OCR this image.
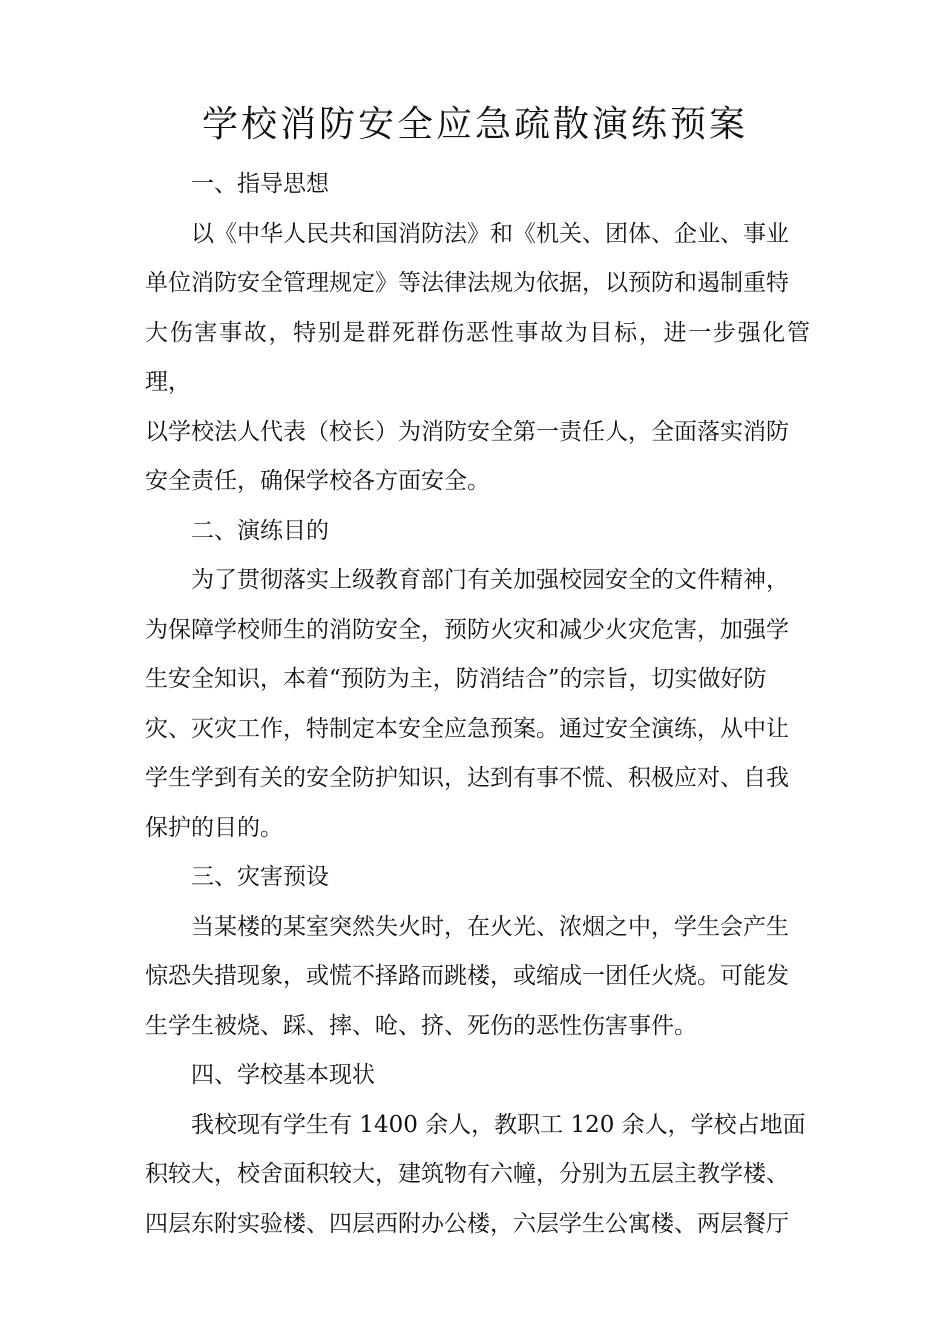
学校消防安全应急疏散演练预案

一、指导思想

以《中华人民共和国消防法》和《机关、团体、企业、事业
单位消防安全管理规定》等法律法规为依据，以预防和遏制重特
大伤害事故，特别是群死群伤恶性事故为目标，进一步强化管理，
以学校法人代表（校长）为消防安全第一责任人，全面落实消防
安全责任，确保学校各方面安全。

二、演练目的

为了贯彻落实上级教育部门有关加强校园安全的文件精神，
为保障学校师生的消防安全，预防火灾和减少火灾危害，加强学
生安全知识，本着“预防为主，防消结合”的宗旨，切实做好防
灾、灭灾工作，特制定本安全应急预案。通过安全演练，从中让
学生学到有关的安全防护知识，达到有事不慌、积极应对、自我
保护的目的。

三、灾害预设

当某楼的某室突然失火时，在火光、浓烟之中，学生会产生
惊恐失措现象，或慌不择路而跳楼，或缩成一团任火烧。可能发
生学生被烧、踩、摔、呛、挤、死伤的恶性伤害事件。

四、学校基本现状

我校现有学生有 1400 余人，教职工 120 余人，学校占地面
积较大，校舍面积较大，建筑物有六幢，分别为五层主教学楼、
四层东附实验楼、四层西附办公楼，六层学生公寓楼、两层餐厅
